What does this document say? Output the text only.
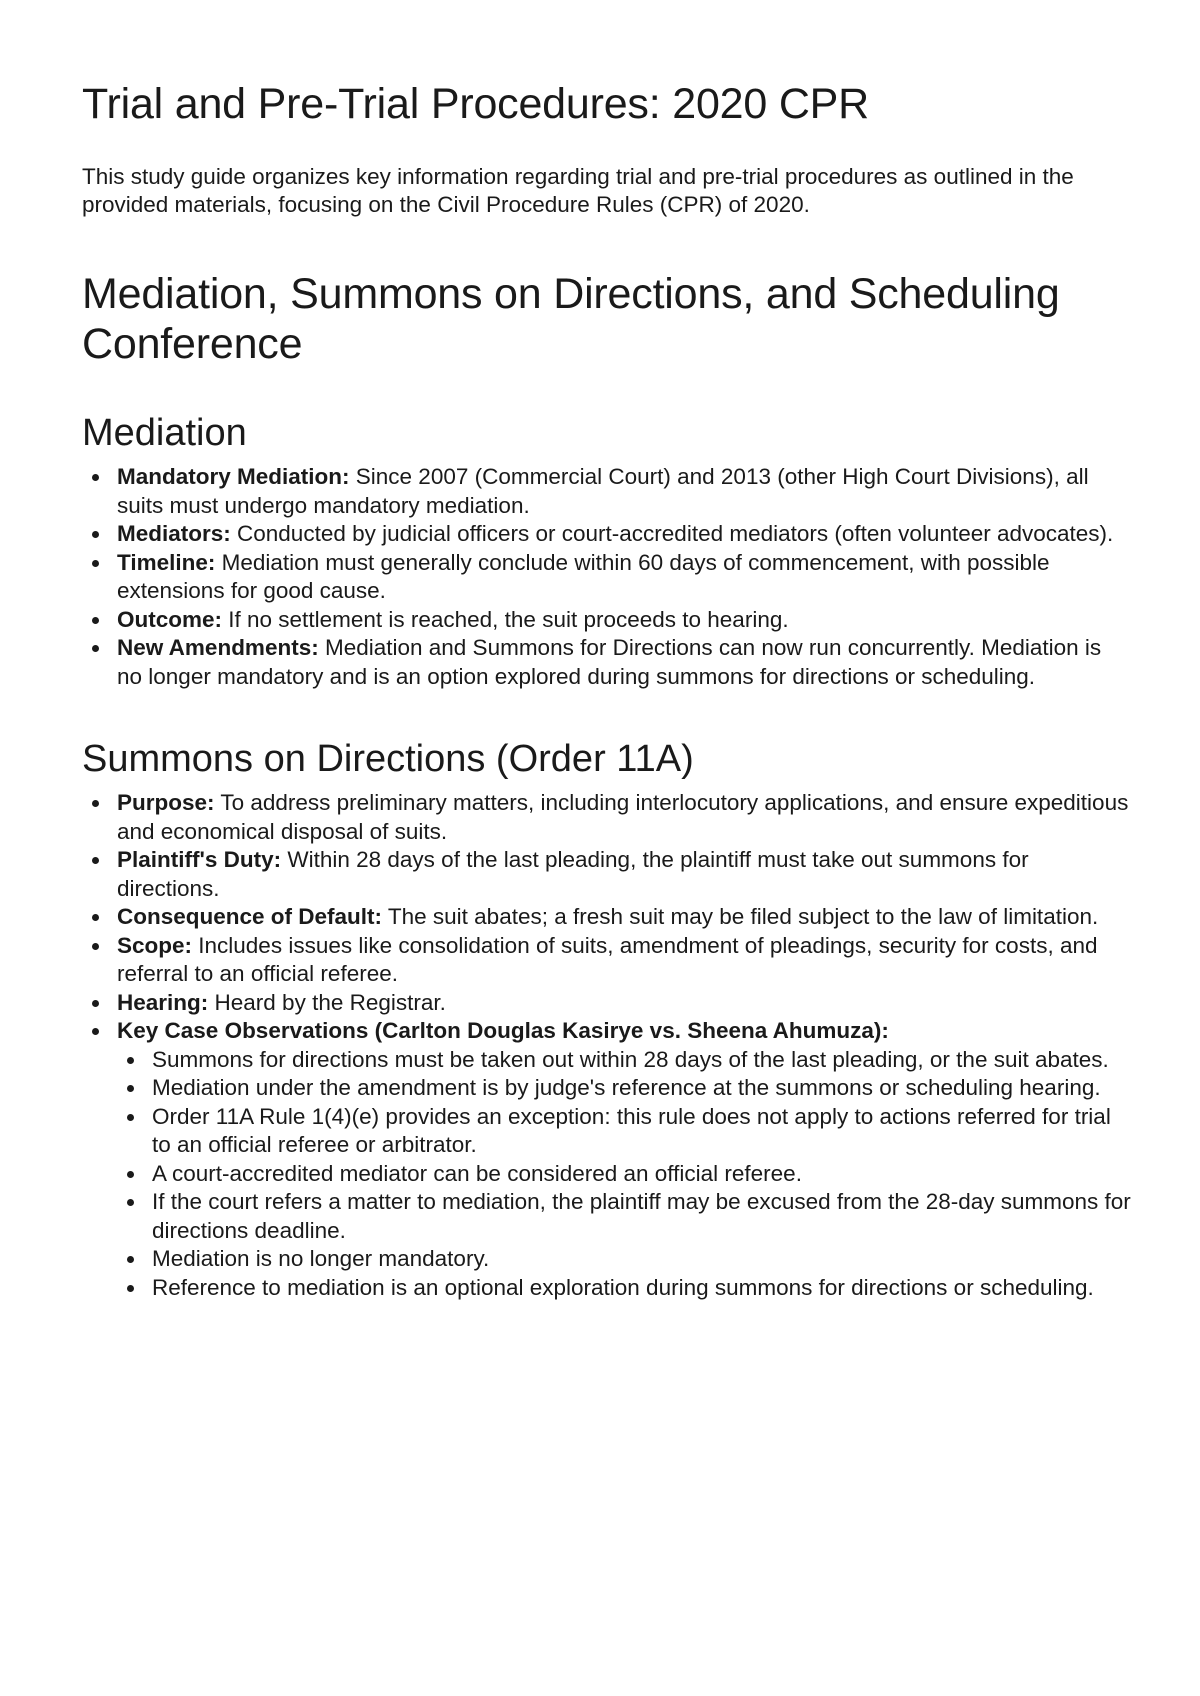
Trial and Pre-Trial Procedures: 2020 CPR

This study guide organizes key information regarding trial and pre-trial procedures as outlined in the provided materials, focusing on the Civil Procedure Rules (CPR) of 2020.

Mediation, Summons on Directions, and Scheduling Conference
Mediation
Mandatory Mediation: Since 2007 (Commercial Court) and 2013 (other High Court Divisions), all suits must undergo mandatory mediation.
Mediators: Conducted by judicial officers or court-accredited mediators (often volunteer advocates).
Timeline: Mediation must generally conclude within 60 days of commencement, with possible extensions for good cause.
Outcome: If no settlement is reached, the suit proceeds to hearing.
New Amendments: Mediation and Summons for Directions can now run concurrently. Mediation is no longer mandatory and is an option explored during summons for directions or scheduling.
Summons on Directions (Order 11A)
Purpose: To address preliminary matters, including interlocutory applications, and ensure expeditious and economical disposal of suits.
Plaintiff's Duty: Within 28 days of the last pleading, the plaintiff must take out summons for directions.
Consequence of Default: The suit abates; a fresh suit may be filed subject to the law of limitation.
Scope: Includes issues like consolidation of suits, amendment of pleadings, security for costs, and referral to an official referee.
Hearing: Heard by the Registrar.
Key Case Observations (Carlton Douglas Kasirye vs. Sheena Ahumuza):
Summons for directions must be taken out within 28 days of the last pleading, or the suit abates.
Mediation under the amendment is by judge's reference at the summons or scheduling hearing.
Order 11A Rule 1(4)(e) provides an exception: this rule does not apply to actions referred for trial to an official referee or arbitrator.
A court-accredited mediator can be considered an official referee.
If the court refers a matter to mediation, the plaintiff may be excused from the 28-day summons for directions deadline.
Mediation is no longer mandatory.
Reference to mediation is an optional exploration during summons for directions or scheduling.
